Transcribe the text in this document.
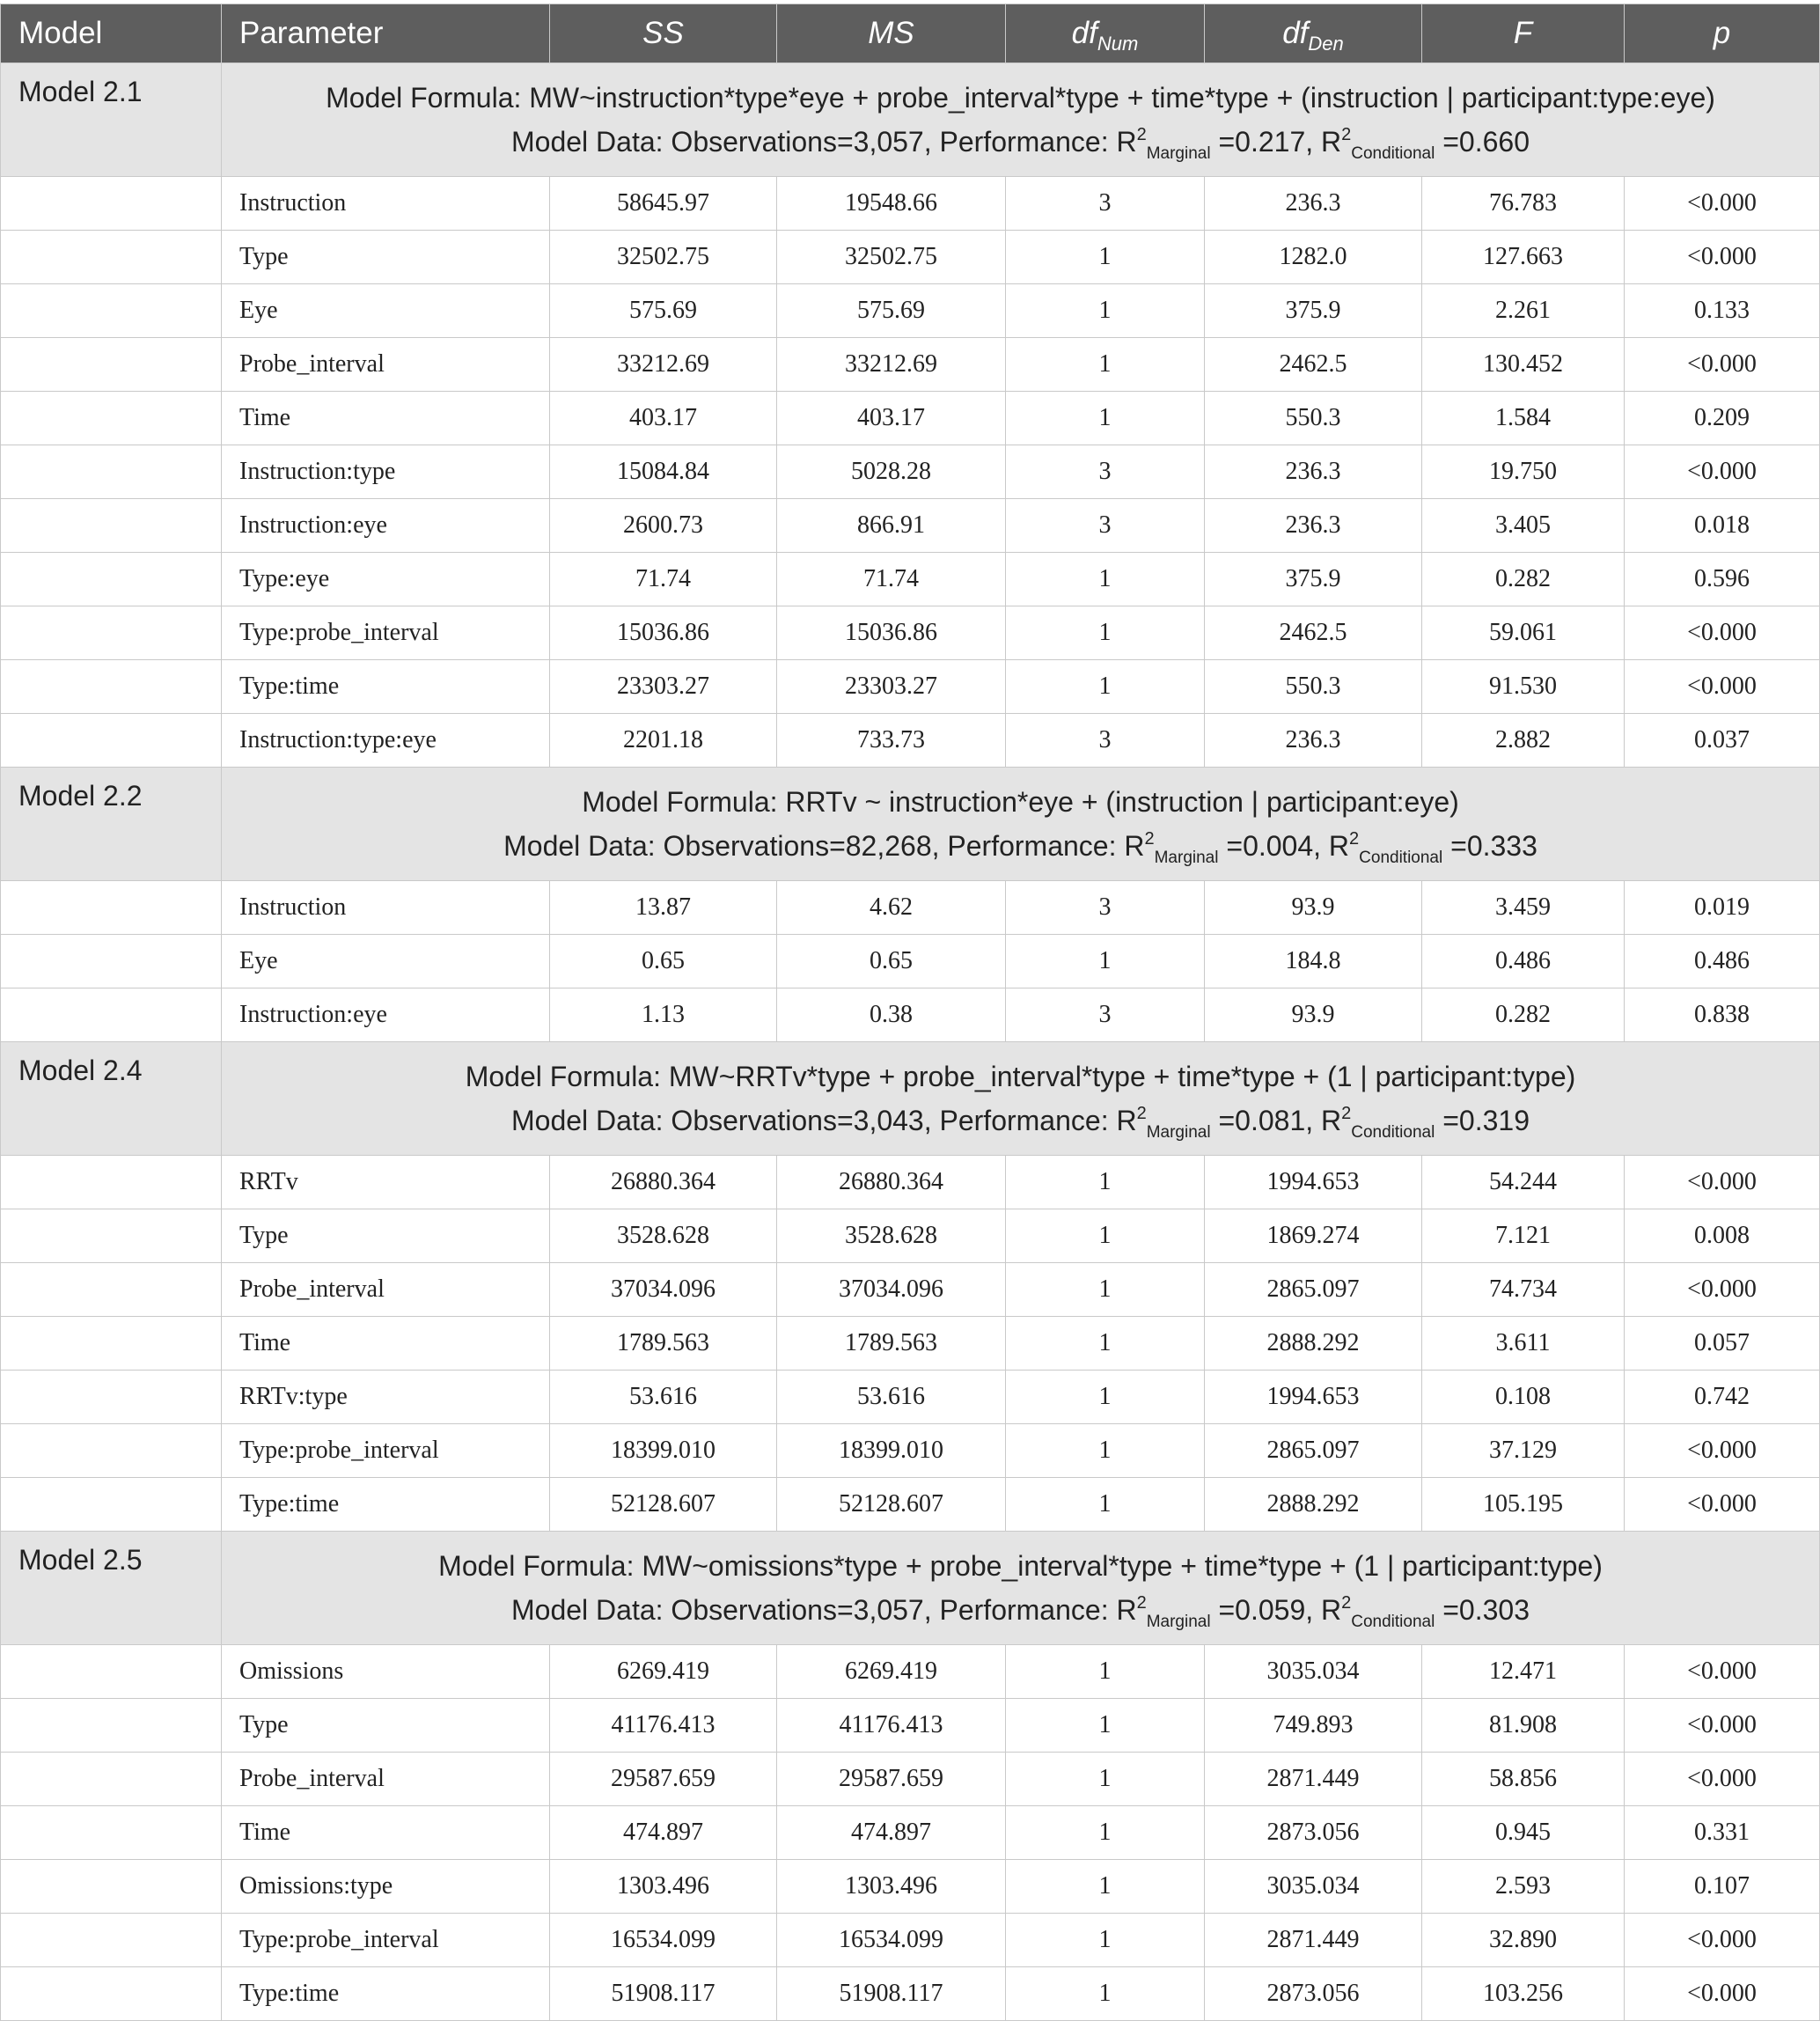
Model	Parameter	SS	MS	$df_{Num}$	$df_{Den}$	F	p
Model 2.1	Model Formula: MW~instruction*type*eye + probe_interval*type + time*type + (instruction | participant:type:eye)
Model Data: Observations=3,057, Performance: $R^2_{Marginal} =0.217$, $R^2_{Conditional} =0.660$						

	Instruction	58645.97	19548.66	3	236.3	76.783	<0.000
	Type	32502.75	32502.75	1	1282.0	127.663	<0.000
	Eye	575.69	575.69	1	375.9	2.261	0.133
	Probe_interval	33212.69	33212.69	1	2462.5	130.452	<0.000
	Time	403.17	403.17	1	550.3	1.584	0.209
	Instruction:type	15084.84	5028.28	3	236.3	19.750	<0.000
	Instruction:eye	2600.73	866.91	3	236.3	3.405	0.018
	Type:eye	71.74	71.74	1	375.9	0.282	0.596
	Type:probe_interval	15036.86	15036.86	1	2462.5	59.061	<0.000
	Type:time	23303.27	23303.27	1	550.3	91.530	<0.000
	Instruction:type:eye	2201.18	733.73	3	236.3	2.882	0.037
Model 2.2	Model Formula: RRTv ~ instruction*eye + (instruction | participant:eye)
Model Data: Observations=82,268, Performance: $R^2_{Marginal} =0.004$, $R^2_{Conditional} =0.333$						

	Instruction	13.87	4.62	3	93.9	3.459	0.019
	Eye	0.65	0.65	1	184.8	0.486	0.486
	Instruction:eye	1.13	0.38	3	93.9	0.282	0.838
Model 2.4	Model Formula: MW~RRTv*type + probe_interval*type + time*type + (1 | participant:type)
Model Data: Observations=3,043, Performance: $R^2_{Marginal} =0.081$, $R^2_{Conditional} =0.319$						

	RRTv	26880.364	26880.364	1	1994.653	54.244	<0.000
	Type	3528.628	3528.628	1	1869.274	7.121	0.008
	Probe_interval	37034.096	37034.096	1	2865.097	74.734	<0.000
	Time	1789.563	1789.563	1	2888.292	3.611	0.057
	RRTv:type	53.616	53.616	1	1994.653	0.108	0.742
	Type:probe_interval	18399.010	18399.010	1	2865.097	37.129	<0.000
	Type:time	52128.607	52128.607	1	2888.292	105.195	<0.000
Model 2.5	Model Formula: MW~omissions*type + probe_interval*type + time*type + (1 | participant:type)
Model Data: Observations=3,057, Performance: $R^2_{Marginal} =0.059$, $R^2_{Conditional} =0.303$						

	Omissions	6269.419	6269.419	1	3035.034	12.471	<0.000
	Type	41176.413	41176.413	1	749.893	81.908	<0.000
	Probe_interval	29587.659	29587.659	1	2871.449	58.856	<0.000
	Time	474.897	474.897	1	2873.056	0.945	0.331
	Omissions:type	1303.496	1303.496	1	3035.034	2.593	0.107
	Type:probe_interval	16534.099	16534.099	1	2871.449	32.890	<0.000
	Type:time	51908.117	51908.117	1	2873.056	103.256	<0.000
